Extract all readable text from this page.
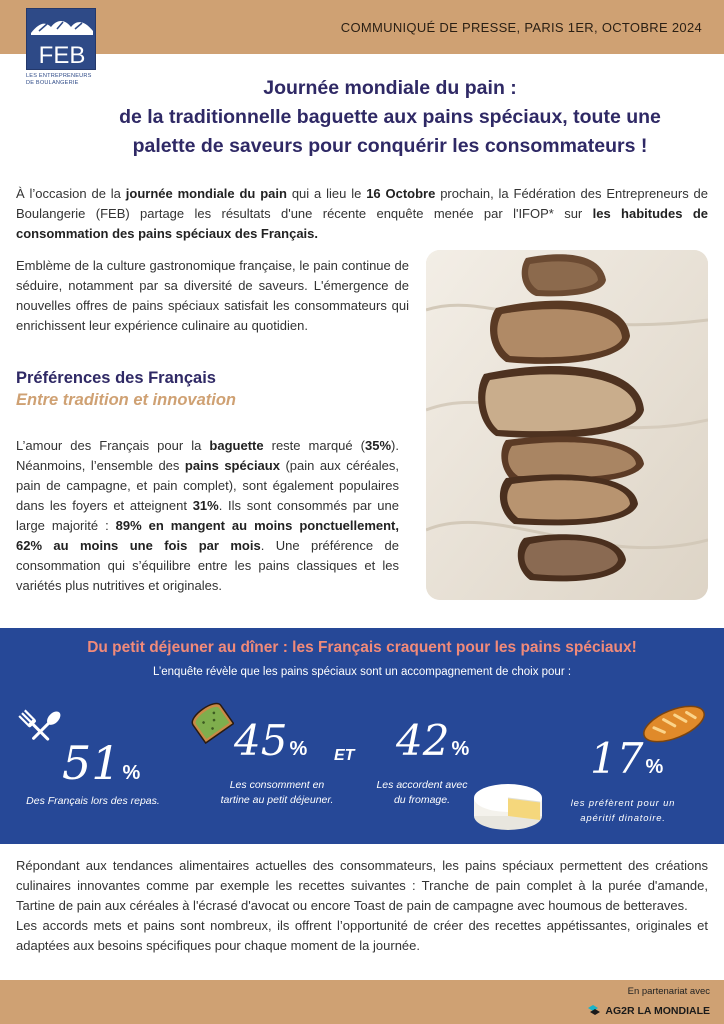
COMMUNIQUÉ DE PRESSE, PARIS 1ER, OCTOBRE 2024
FEB
LES ENTREPRENEURS
DE BOULANGERIE	Journée mondiale du pain :
de la traditionnelle baguette aux pains spéciaux, toute une
palette de saveurs pour conquérir les consommateurs !

À l’occasion de la journée mondiale du pain qui a lieu le 16 Octobre prochain, la Fédération des Entrepreneurs de Boulangerie (FEB) partage les résultats d'une récente enquête menée par l'IFOP* sur les habitudes de consommation des pains spéciaux des Français.

Emblème de la culture gastronomique française, le pain continue de séduire, notamment par sa diversité de saveurs. L'émergence de nouvelles offres de pains spéciaux satisfait les consommateurs qui enrichissent leur expérience culinaire au quotidien.

Préférences des Français
Entre tradition et innovation

L’amour des Français pour la baguette reste marqué (35%). Néanmoins, l’ensemble des pains spéciaux (pain aux céréales, pain de campagne, et pain complet), sont également populaires dans les foyers et atteignent 31%. Ils sont consommés par une large majorité : 89% en mangent au moins ponctuellement, 62% au moins une fois par mois. Une préférence de consommation qui s’équilibre entre les pains classiques et les variétés plus nutritives et originales.

Du petit déjeuner au dîner : les Français craquent pour les pains spéciaux!
L’enquête révèle que les pains spéciaux sont un accompagnement de choix pour :
51 %
Des Français lors des repas.
45 %
Les consomment en
tartine au petit déjeuner.
ET 42 %
Les accordent avec
du fromage.
17 %
les préfèrent pour un
apéritif dinatoire.

Répondant aux tendances alimentaires actuelles des consommateurs, les pains spéciaux permettent des créations culinaires innovantes comme par exemple les recettes suivantes : Tranche de pain complet à la purée d'amande, Tartine de pain aux céréales à l'écrasé d'avocat ou encore Toast de pain de campagne avec houmous de betteraves.

Les accords mets et pains sont nombreux, ils offrent l’opportunité de créer des recettes appétissantes, originales et adaptées aux besoins spécifiques pour chaque moment de la journée.

En partenariat avec
AG2R LA MONDIALE
